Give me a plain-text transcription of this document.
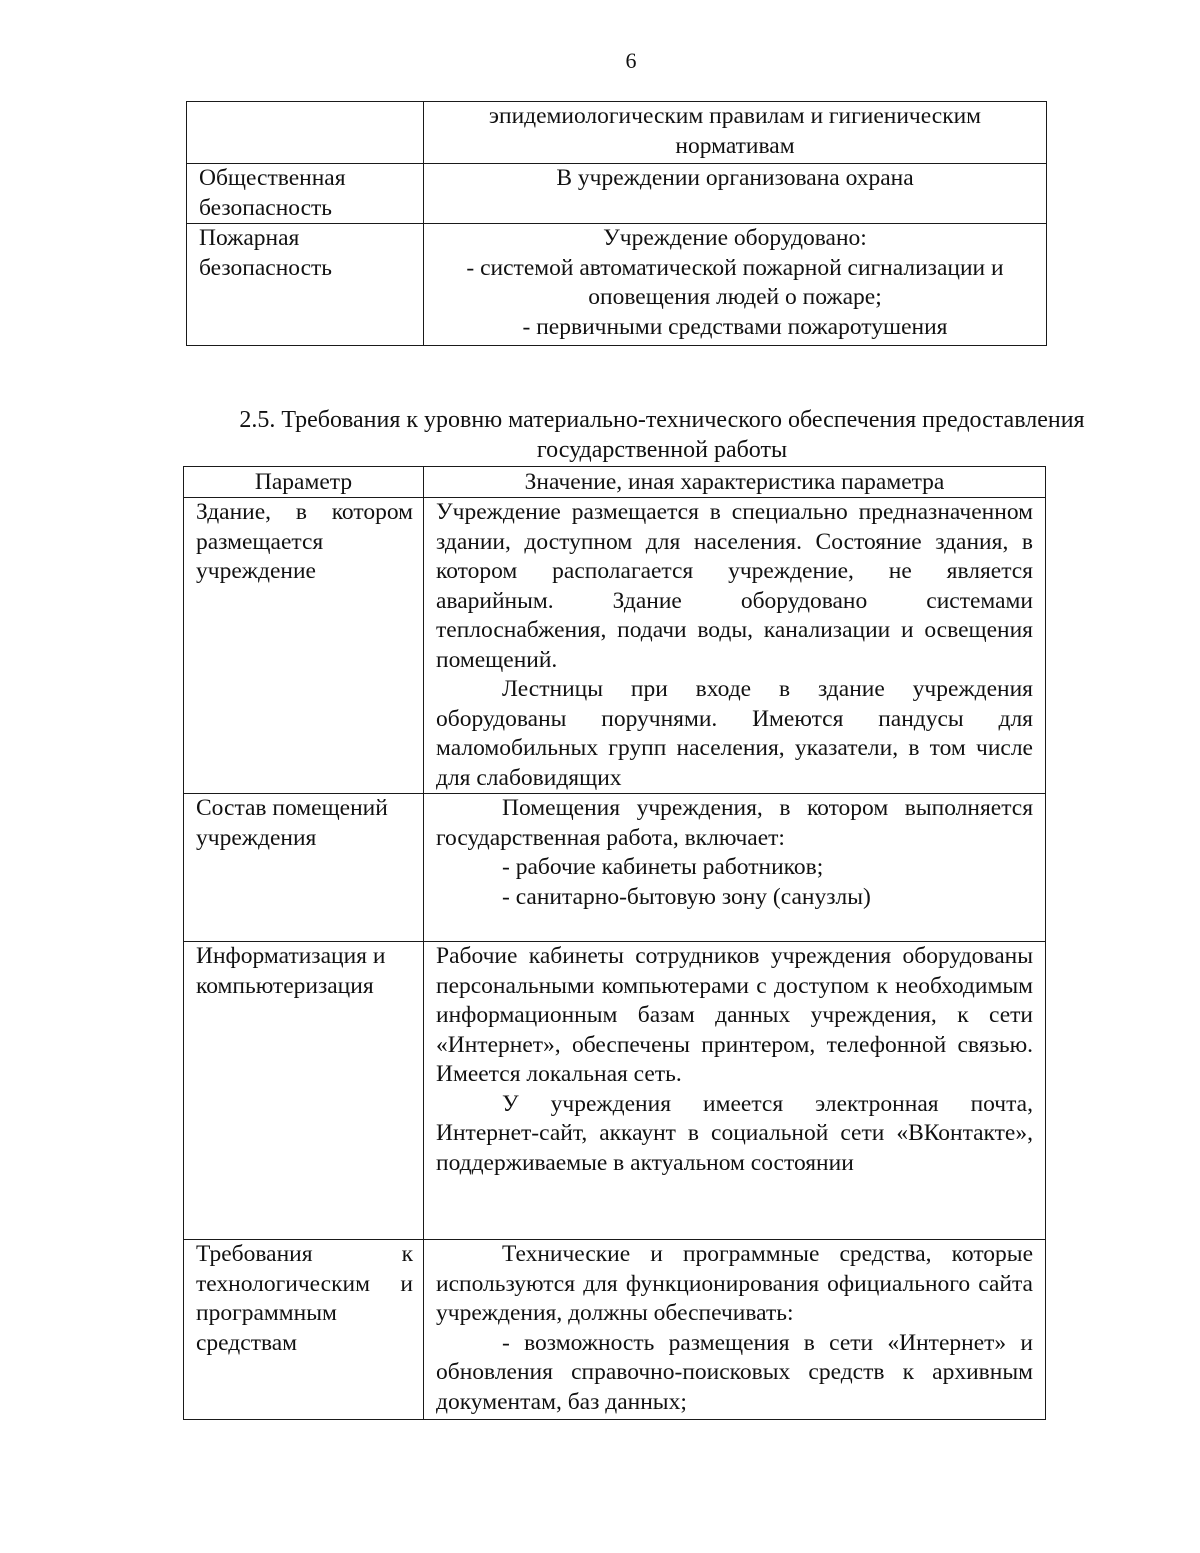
6

	эпидемиологическим правилам и гигиеническим

нормативам

Общественная безопасность	В учреждении организована охрана

Пожарная безопасность	Учреждение оборудовано:

- системой автоматической пожарной сигнализации и

оповещения людей о пожаре;

- первичными средствами пожаротушения

2.5. Требования к уровню материально-технического обеспечения предоставления государственной работы
Параметр	Значение, иная характеристика параметра

Здание, в котором размещается учреждение	Учреждение размещается в специально предназначенном здании, доступном для населения. Состояние здания, в котором располагается учреждение, не является аварийным. Здание оборудовано системами теплоснабжения, подачи воды, канализации и освещения помещений.

Лестницы при входе в здание учреждения оборудованы поручнями. Имеются пандусы для маломобильных групп населения, указатели, в том числе для слабовидящих

Состав помещений учреждения	Помещения учреждения, в котором выполняется государственная работа, включает:

- рабочие кабинеты работников;

- санитарно-бытовую зону (санузлы)

Информатизация и компьютеризация	Рабочие кабинеты сотрудников учреждения оборудованы персональными компьютерами с доступом к необходимым информационным базам данных учреждения, к сети «Интернет», обеспечены принтером, телефонной связью. Имеется локальная сеть.

У учреждения имеется электронная почта, Интернет-сайт, аккаунт в социальной сети «ВКонтакте», поддерживаемые в актуальном состоянии

Требования к технологическим и программным средствам	Технические и программные средства, которые используются для функционирования официального сайта учреждения, должны обеспечивать:

- возможность размещения в сети «Интернет» и обновления справочно-поисковых средств к архивным документам, баз данных;
